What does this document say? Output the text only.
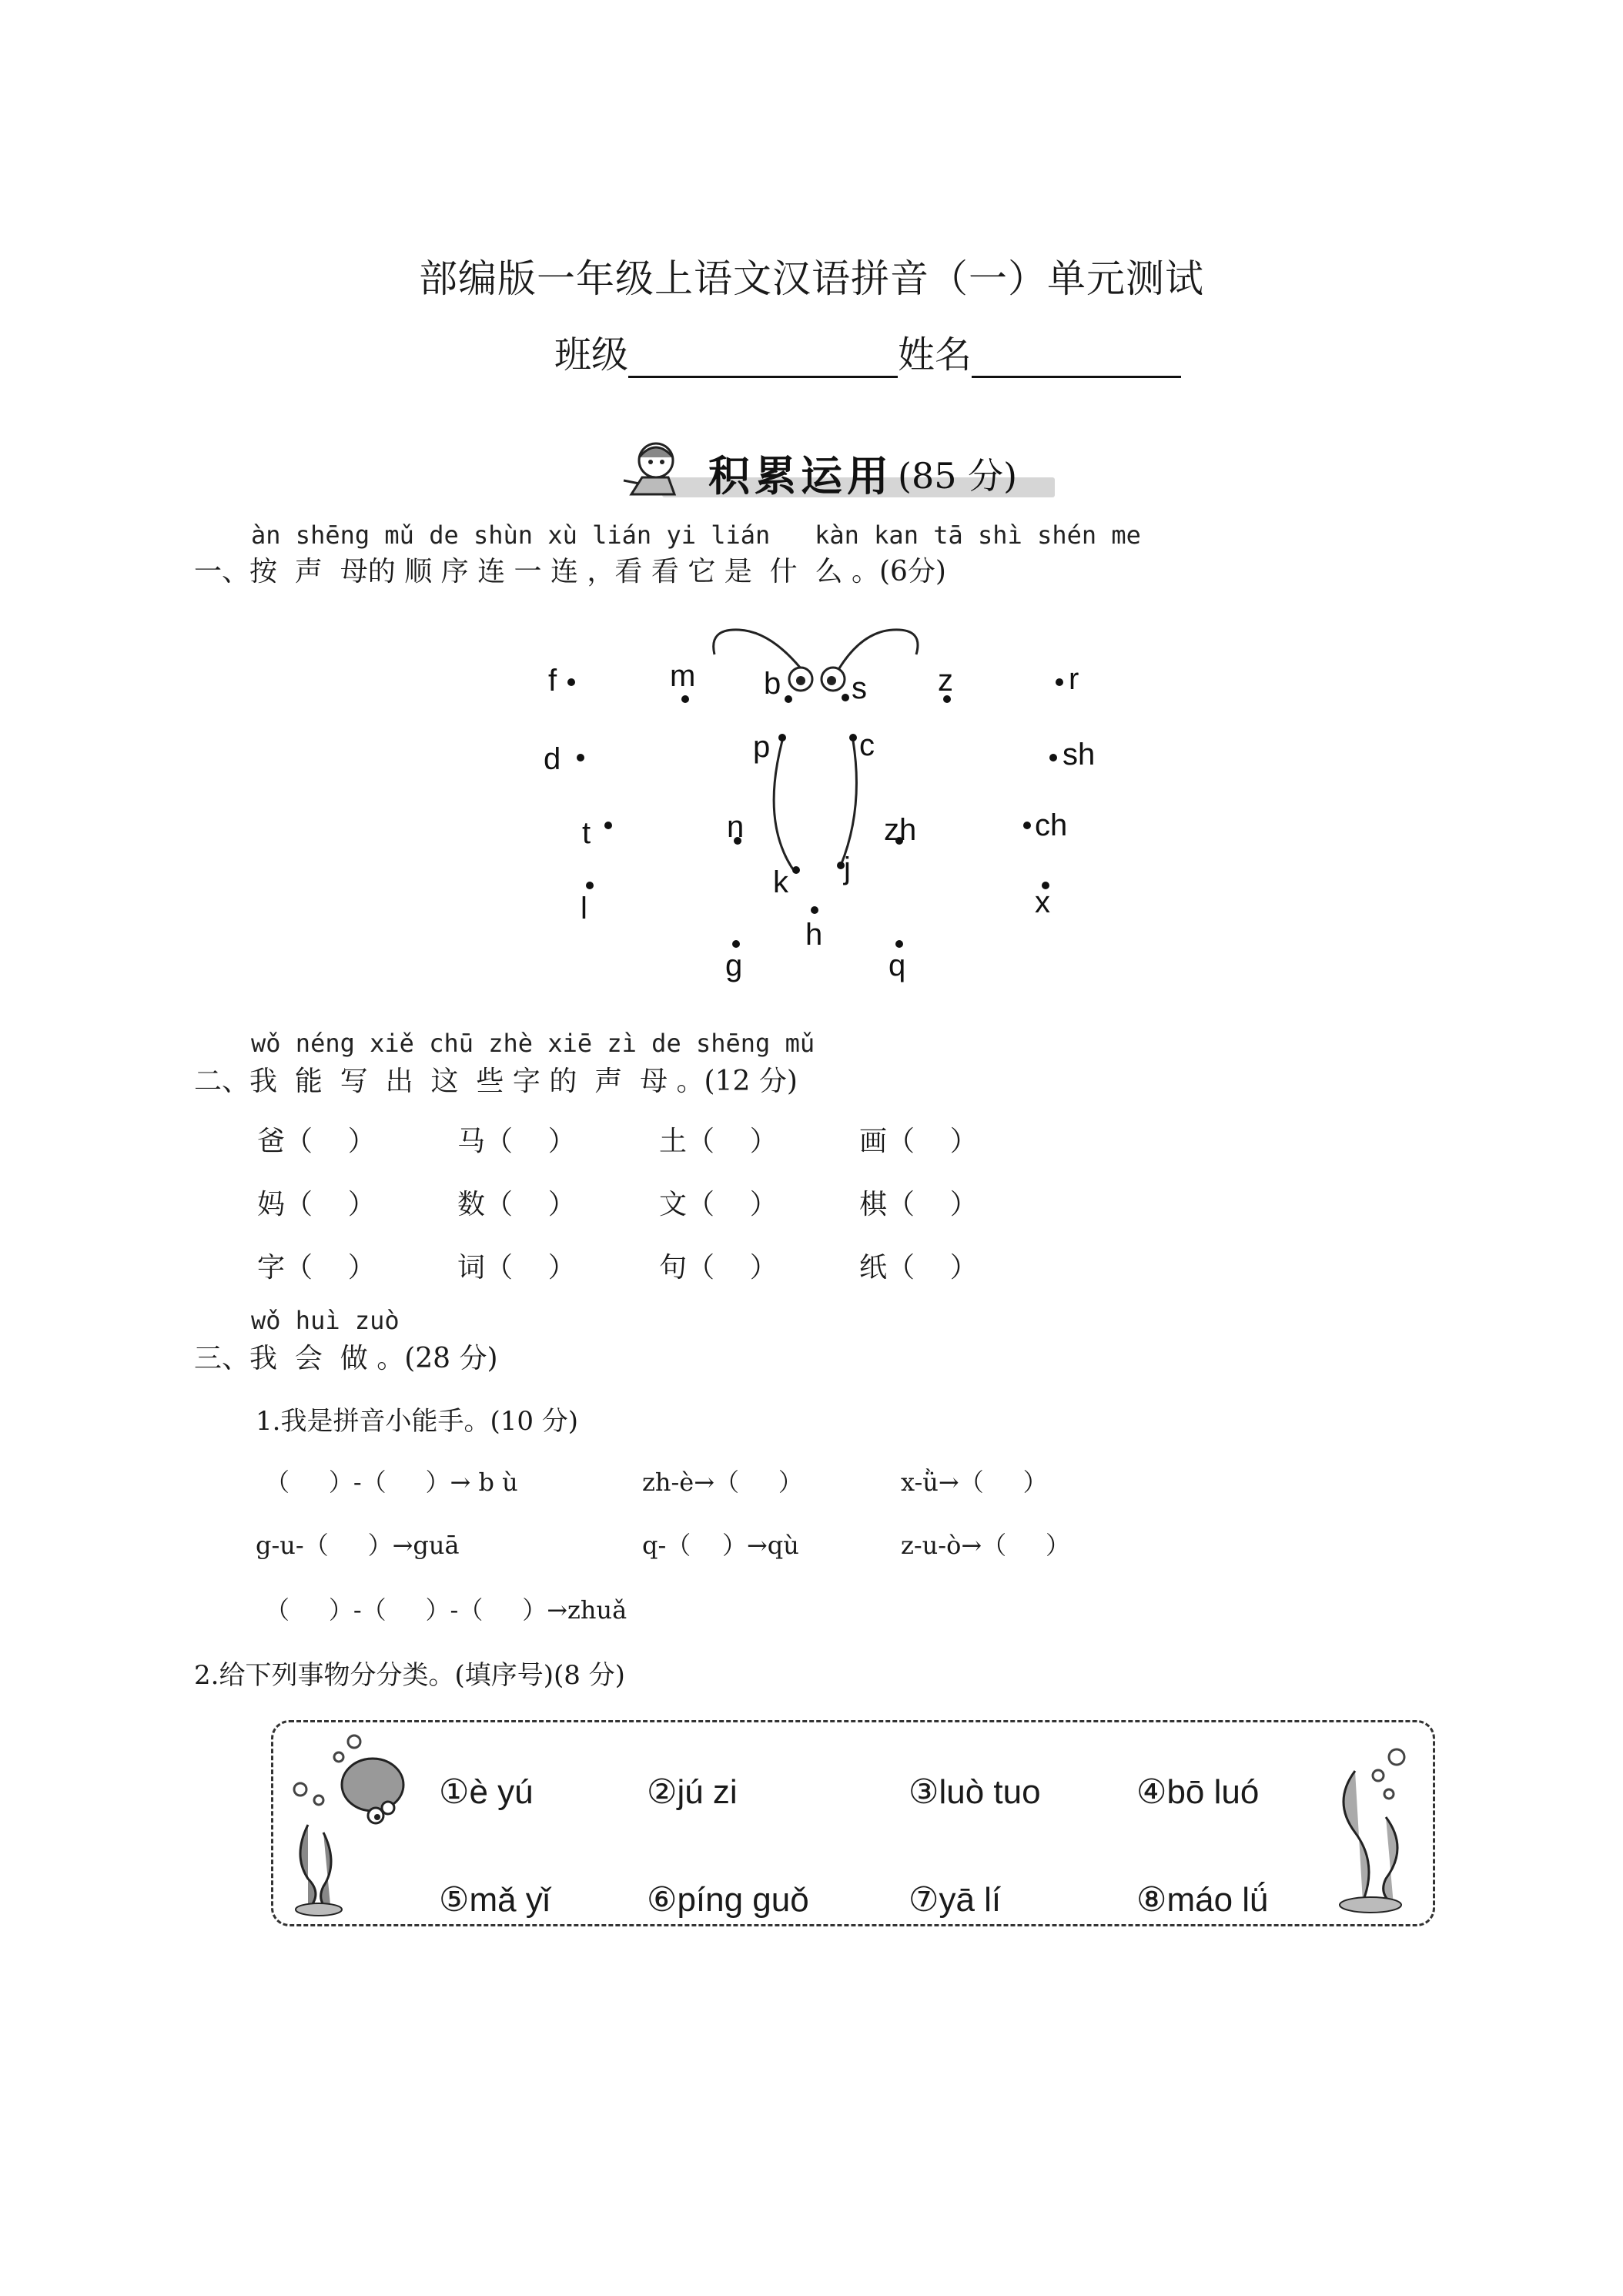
部编版一年级上语文汉语拼音（一）单元测试
班级	姓名
积累运用 (85 分)
àn shēng mǔ de shùn xù lián yi lián   kàn kan tā shì shén me
一、按  声  母的 顺 序 连 一 连 ，看 看 它 是  什  么 。(6分)
f	m b s z	r
d	p	c	sh
t	n	zh	ch
l
k j
x
h
g	q
wǒ néng xiě chū zhè xiē zì de shēng mǔ
二、我  能  写  出  这  些 字 的  声  母 。(12 分)
爸（    ）	马（    ）	土（    ）	画（    ）
妈（    ）	数（    ）	文（    ）	棋（    ）
字（    ）	词（    ）	句（    ）	纸（    ）
wǒ huì zuò
三、我  会  做 。(28 分)
1.我是拼音小能手。(10 分)
（     ）-（     ）→ b ù	zh-è→（     ）	x-ǜ→（     ）
g-u-（     ）→guā	q-（    ）→qù	z-u-ò→（     ）
（     ）-（     ）-（     ）→zhuǎ
2.给下列事物分分类。(填序号)(8 分)
①è yú	②jú zi	③luò tuo	④bō luó
⑤mǎ yǐ	⑥píng guǒ	⑦yā lí	⑧máo lǘ
